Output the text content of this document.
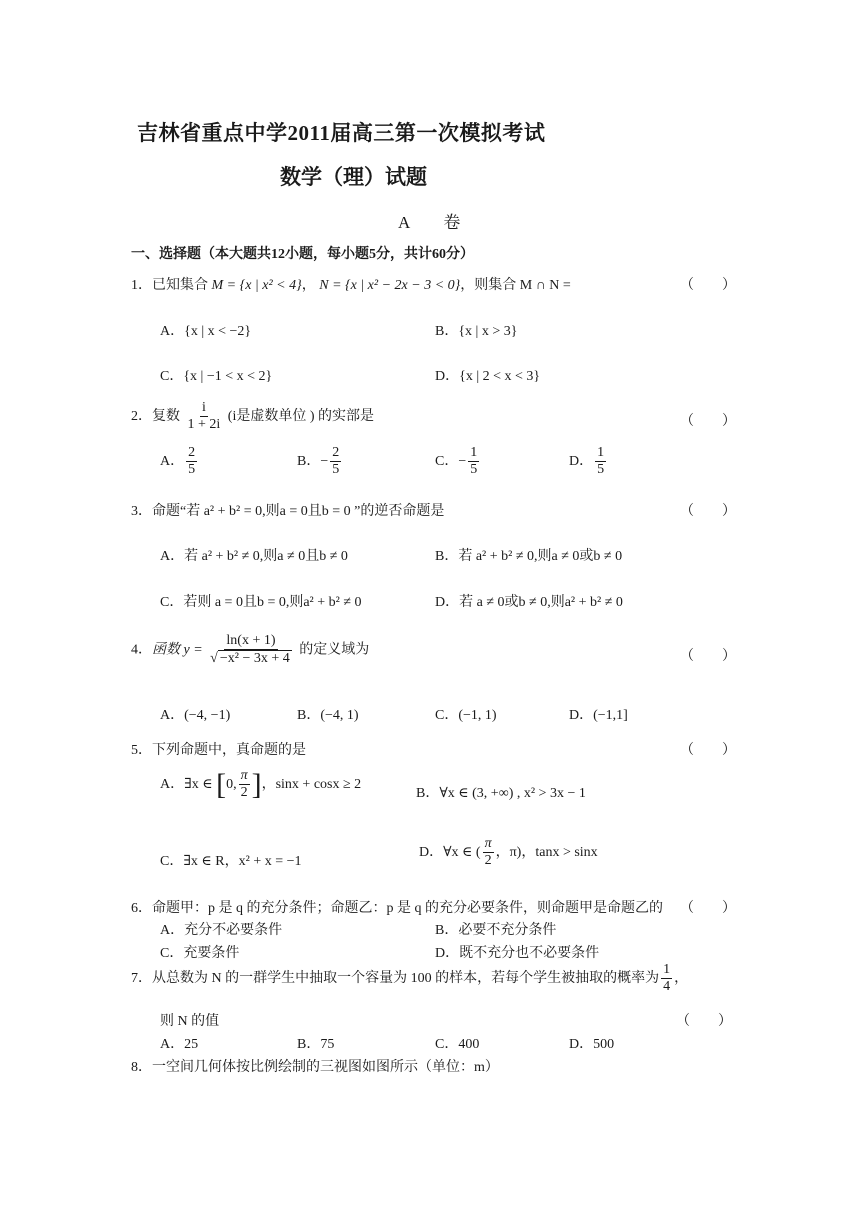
吉林省重点中学2011届高三第一次模拟考试
数学（理）试题
A　　卷
一、选择题（本大题共12小题，每小题5分，共计60分）
1．已知集合 M = {x | x² < 4}， N = {x | x² − 2x − 3 < 0}，则集合 M ∩ N =	（　　）
A．{x | x < −2}	B．{x | x > 3}
C．{x | −1 < x < 2}	D．{x | 2 < x < 3}
2．复数 $\frac{i}{1 + 2i} (i$是虚数单位 ) 的实部是	（　　）
A． $\frac{2}{5}$	B．− $\frac{2}{5}$	C．− $\frac{1}{5}$	D． $\frac{1}{5}$
3．命题“若 a² + b² = 0,则a = 0且b = 0 ”的逆否命题是	（　　）
A．若 a² + b² ≠ 0,则a ≠ 0且b ≠ 0	B．若 a² + b² ≠ 0,则a ≠ 0或b ≠ 0
C．若则 a = 0且b = 0,则a² + b² ≠ 0	D．若 a ≠ 0或b ≠ 0,则a² + b² ≠ 0
4．函数 $y = \frac{\ln(x + 1)}{\text{√ −x² − 3x + 4}}$ 的定义域为	（　　）
A．(−4, −1)	B．(−4, 1)	C．(−1, 1)	D．(−1,1]
5．下列命题中，真命题的是	（　　）
A．∃x ∈ [0, $\frac{\pi}{2}$ ]，sinx + cosx ≥ 2
B．∀x ∈ (3, +∞) , x² > 3x − 1
C．∃x ∈ R，x² + x = −1
D．∀x ∈ ( $\frac{\pi}{2}$ ，π)，tanx > sinx
6．命题甲：p 是 q 的充分条件；命题乙：p 是 q 的充分必要条件，则命题甲是命题乙的 （　　）
A．充分不必要条件	B．必要不充分条件
C．充要条件	D．既不充分也不必要条件
7．从总数为 N 的一群学生中抽取一个容量为 100 的样本，若每个学生被抽取的概率为 $\frac{1}{4}$ ，
则 N 的值	（　　）
A．25	B．75	C．400	D．500
8．一空间几何体按比例绘制的三视图如图所示（单位：m）
